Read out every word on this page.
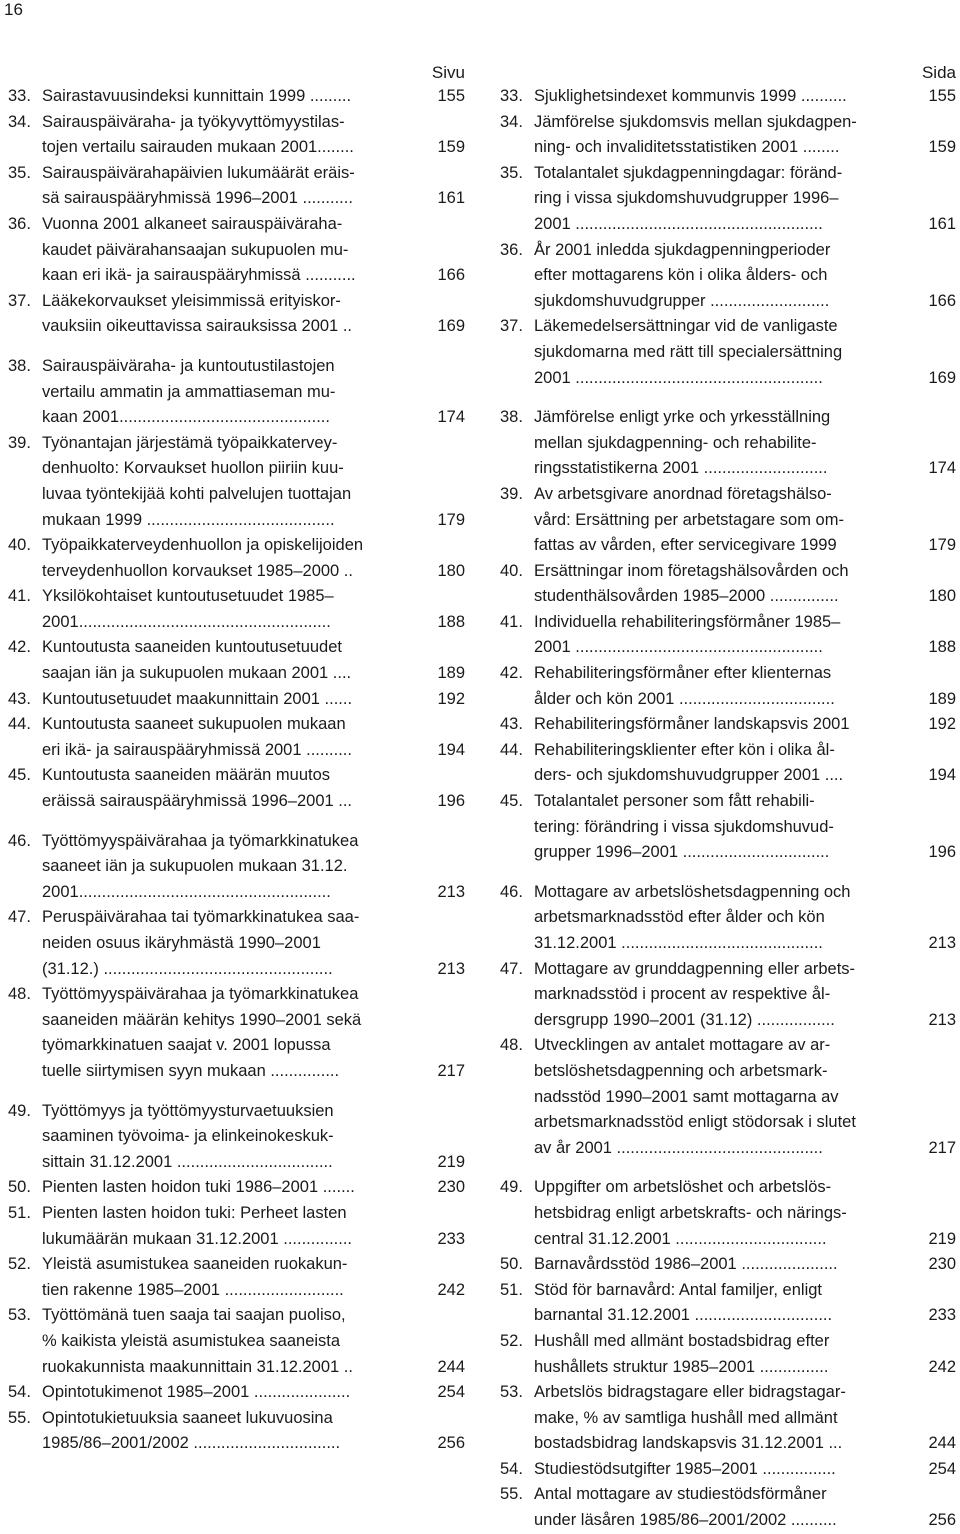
16
Sivu
33. Sairastavuusindeksi kunnittain 1999 .........	155
34. Sairauspäiväraha- ja työkyvyttömyystilas-
tojen vertailu sairauden mukaan 2001........	159
35. Sairauspäivärahapäivien lukumäärät eräis-
sä sairauspääryhmissä 1996–2001 ...........	161
36. Vuonna 2001 alkaneet sairauspäiväraha-
kaudet päivärahansaajan sukupuolen mu-
kaan eri ikä- ja sairauspääryhmissä ...........	166
37. Lääkekorvaukset yleisimmissä erityiskor-
vauksiin oikeuttavissa sairauksissa 2001 ..	169
38. Sairauspäiväraha- ja kuntoutustilastojen
vertailu ammatin ja ammattiaseman mu-
kaan 2001..............................................	174
39. Työnantajan järjestämä työpaikkatervey-
denhuolto: Korvaukset huollon piiriin kuu-
luvaa työntekijää kohti palvelujen tuottajan
mukaan 1999 .........................................	179
40. Työpaikkaterveydenhuollon ja opiskelijoiden
terveydenhuollon korvaukset 1985–2000 ..	180
41. Yksilökohtaiset kuntoutusetuudet 1985–
2001.......................................................	188
42. Kuntoutusta saaneiden kuntoutusetuudet
saajan iän ja sukupuolen mukaan 2001 ....	189
43. Kuntoutusetuudet maakunnittain 2001 ......	192
44. Kuntoutusta saaneet sukupuolen mukaan
eri ikä- ja sairauspääryhmissä 2001 ..........	194
45. Kuntoutusta saaneiden määrän muutos
eräissä sairauspääryhmissä 1996–2001 ...	196
46. Työttömyyspäivärahaa ja työmarkkinatukea
saaneet iän ja sukupuolen mukaan 31.12.
2001.......................................................	213
47. Peruspäivärahaa tai työmarkkinatukea saa-
neiden osuus ikäryhmästä 1990–2001
(31.12.) ..................................................	213
48. Työttömyyspäivärahaa ja työmarkkinatukea
saaneiden määrän kehitys 1990–2001 sekä
työmarkkinatuen saajat v. 2001 lopussa
tuelle siirtymisen syyn mukaan ...............	217
49. Työttömyys ja työttömyysturvaetuuksien
saaminen työvoima- ja elinkeinokeskuk-
sittain 31.12.2001 ..................................	219
50. Pienten lasten hoidon tuki 1986–2001 .......	230
51. Pienten lasten hoidon tuki: Perheet lasten
lukumäärän mukaan 31.12.2001 ...............	233
52. Yleistä asumistukea saaneiden ruokakun-
tien rakenne 1985–2001 ..........................	242
53. Työttömänä tuen saaja tai saajan puoliso,
% kaikista yleistä asumistukea saaneista
ruokakunnista maakunnittain 31.12.2001 ..	244
54. Opintotukimenot 1985–2001 .....................	254
55. Opintotukietuuksia saaneet lukuvuosina
1985/86–2001/2002 ................................	256
Sida
33. Sjuklighetsindexet kommunvis 1999 ..........	155
34. Jämförelse sjukdomsvis mellan sjukdagpen-
ning- och invaliditetsstatistiken 2001 ........	159
35. Totalantalet sjukdagpenningdagar: föränd-
ring i vissa sjukdomshuvudgrupper 1996–
2001 ......................................................	161
36. År 2001 inledda sjukdagpenningperioder
efter mottagarens kön i olika ålders- och
sjukdomshuvudgrupper ..........................	166
37. Läkemedelsersättningar vid de vanligaste
sjukdomarna med rätt till specialersättning
2001 ......................................................	169
38. Jämförelse enligt yrke och yrkesställning
mellan sjukdagpenning- och rehabilite-
ringsstatistikerna 2001 ...........................	174
39. Av arbetsgivare anordnad företagshälso-
vård: Ersättning per arbetstagare som om-
fattas av vården, efter servicegivare 1999	179
40. Ersättningar inom företagshälsovården och
studenthälsovården 1985–2000 ...............	180
41. Individuella rehabiliteringsförmåner 1985–
2001 ......................................................	188
42. Rehabiliteringsförmåner efter klienternas
ålder och kön 2001 ..................................	189
43. Rehabiliteringsförmåner landskapsvis 2001	192
44. Rehabiliteringsklienter efter kön i olika ål-
ders- och sjukdomshuvudgrupper 2001 ....	194
45. Totalantalet personer som fått rehabili-
tering: förändring i vissa sjukdomshuvud-
grupper 1996–2001 ................................	196
46. Mottagare av arbetslöshetsdagpenning och
arbetsmarknadsstöd efter ålder och kön
31.12.2001 ............................................	213
47. Mottagare av grunddagpenning eller arbets-
marknadsstöd i procent av respektive ål-
dersgrupp 1990–2001 (31.12) .................	213
48. Utvecklingen av antalet mottagare av ar-
betslöshetsdagpenning och arbetsmark-
nadsstöd 1990–2001 samt mottagarna av
arbetsmarknadsstöd enligt stödorsak i slutet
av år 2001 .............................................	217
49. Uppgifter om arbetslöshet och arbetslös-
hetsbidrag enligt arbetskrafts- och närings-
central 31.12.2001 .................................	219
50. Barnavårdsstöd 1986–2001 .....................	230
51. Stöd för barnavård: Antal familjer, enligt
barnantal 31.12.2001 ..............................	233
52. Hushåll med allmänt bostadsbidrag efter
hushållets struktur 1985–2001 ...............	242
53. Arbetslös bidragstagare eller bidragstagar-
make, % av samtliga hushåll med allmänt
bostadsbidrag landskapsvis 31.12.2001 ...	244
54. Studiestödsutgifter 1985–2001 ................	254
55. Antal mottagare av studiestödsförmåner
under läsåren 1985/86–2001/2002 ..........	256
